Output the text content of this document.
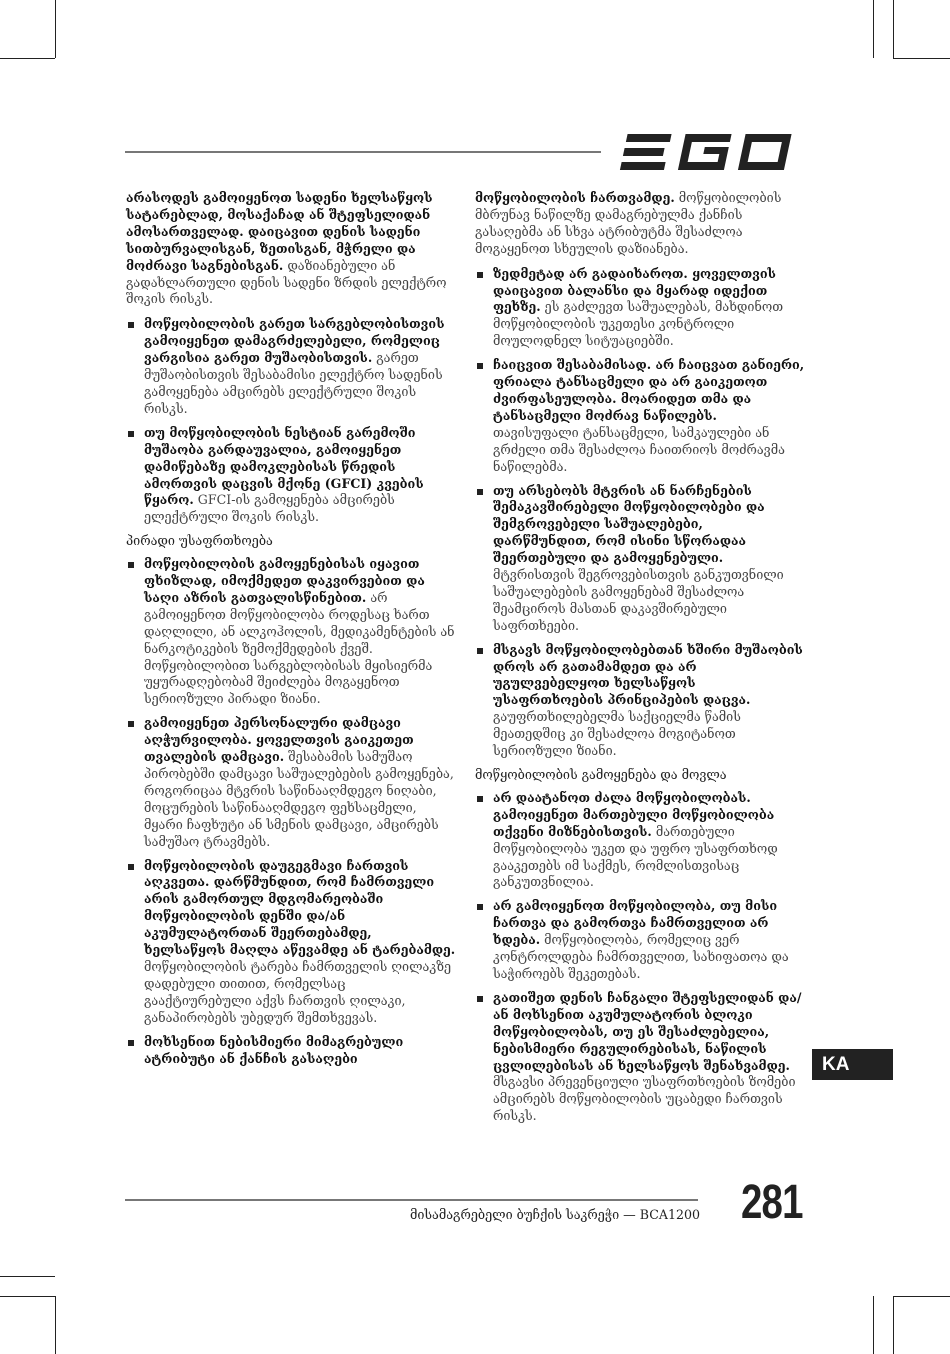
EGO

არასოდეს გამოიყენოთ სადენი ხელსაწყოს სატარებლად, მოსაქაჩად ან შტეფსელიდან ამოსართველად. დაიცავით დენის სადენი სითბურვალისგან, ზეთისგან, მჭრელი და მოძრავი საგნებისგან. დაზიანებული ან გადახლართული დენის სადენი ზრდის ელექტრო შოკის რისკს.

მოწყობილობის გარეთ სარგებლობისთვის გამოიყენეთ დამაგრძელებელი, რომელიც ვარგისია გარეთ მუშაობისთვის. გარეთ მუშაობისთვის შესაბამისი ელექტრო სადენის გამოყენება ამცირებს ელექტრული შოკის რისკს.
თუ მოწყობილობის ნესტიან გარემოში მუშაობა გარდაუვალია, გამოიყენეთ დამიწებაზე დამოკლებისას წრედის ამორთვის დაცვის მქონე (GFCI) კვების წყარო. GFCI-ის გამოყენება ამცირებს ელექტრული შოკის რისკს.
პირადი უსაფრთხოება
მოწყობილობის გამოყენებისას იყავით ფხიზლად, იმოქმედეთ დაკვირვებით და საღი აზრის გათვალისწინებით. არ გამოიყენოთ მოწყობილობა როდესაც ხართ დაღლილი, ან ალკოჰოლის, მედიკამენტების ან ნარკოტიკების ზემოქმედების ქვეშ. მოწყობილობით სარგებლობისას მყისიერმა უყურადღებობამ შეიძლება მოგაყენოთ სერიოზული პირადი ზიანი.
გამოიყენეთ პერსონალური დამცავი აღჭურვილობა. ყოველთვის გაიკეთეთ თვალების დამცავი. შესაბამის სამუშაო პირობებში დამცავი საშუალებების გამოყენება, როგორიცაა მტვრის საწინააღმდეგო ნიღაბი, მოცურების საწინააღმდეგო ფეხსაცმელი, მყარი ჩაფხუტი ან სმენის დამცავი, ამცირებს სამუშაო ტრავმებს.
მოწყობილობის დაუგეგმავი ჩართვის აღკვეთა. დარწმუნდით, რომ ჩამრთველი არის გამორთულ მდგომარეობაში მოწყობილობის დენში და/ან აკუმულატორთან შეერთებამდე, ხელსაწყოს მაღლა აწევამდე ან ტარებამდე. მოწყობილობის ტარება ჩამრთველის ღილაკზე დადებული თითით, რომელსაც გააქტიურებული აქვს ჩართვის ღილაკი, განაპირობებს უბედურ შემთხვევას.
მოხსენით ნებისმიერი მიმაგრებული ატრიბუტი ან ქანჩის გასაღები

მოწყობილობის ჩართვამდე. მოწყობილობის მბრუნავ ნაწილზე დამაგრებულმა ქანჩის გასაღებმა ან სხვა ატრიბუტმა შესაძლოა მოგაყენოთ სხეულის დაზიანება.

ზედმეტად არ გადაიხაროთ. ყოველთვის დაიცავით ბალანსი და მყარად იდექით ფეხზე. ეს გაძლევთ საშუალებას, მახდინოთ მოწყობილობის უკეთესი კონტროლი მოულოდნელ სიტუაციებში.
ჩაიცვით შესაბამისად. არ ჩაიცვათ განიერი, ფრიალა ტანსაცმელი და არ გაიკეთოთ ძვირფასეულობა. მოარიდეთ თმა და ტანსაცმელი მოძრავ ნაწილებს. თავისუფალი ტანსაცმელი, სამკაულები ან გრძელი თმა შესაძლოა ჩაითრიოს მოძრავმა ნაწილებმა.
თუ არსებობს მტვრის ან ნარჩენების შემაკავშირებელი მოწყობილობები და შემგროვებელი საშუალებები, დარწმუნდით, რომ ისინი სწორადაა შეერთებული და გამოყენებული. მტვრისთვის შეგროვებისთვის განკუთვნილი საშუალებების გამოყენებამ შესაძლოა შეამციროს მასთან დაკავშირებული საფრთხეები.
მსგავს მოწყობილობებთან ხშირი მუშაობის დროს არ გათამამდეთ და არ უგულვებელყოთ ხელსაწყოს უსაფრთხოების პრინციპების დაცვა. გაუფრთხილებელმა საქციელმა წამის მეათედშიც კი შესაძლოა მოგიტანოთ სერიოზული ზიანი.
მოწყობილობის გამოყენება და მოვლა
არ დაატანოთ ძალა მოწყობილობას. გამოიყენეთ მართებული მოწყობილობა თქვენი მიზნებისთვის. მართებული მოწყობილობა უკეთ და უფრო უსაფრთხოდ გააკეთებს იმ საქმეს, რომლისთვისაც განკუთვნილია.
არ გამოიყენოთ მოწყობილობა, თუ მისი ჩართვა და გამორთვა ჩამრთველით არ ხდება. მოწყობილობა, რომელიც ვერ კონტროლდება ჩამრთველით, სახიფათოა და საჭიროებს შეკეთებას.
გათიშეთ დენის ჩანგალი შტეფსელიდან და/ან მოხსენით აკუმულატორის ბლოკი მოწყობილობას, თუ ეს შესაძლებელია, ნებისმიერი რეგულირებისას, ნაწილის ცვლილებისას ან ხელსაწყოს შენახვამდე. მსგავსი პრევენციული უსაფრთხოების ზომები ამცირებს მოწყობილობის უცაბედი ჩართვის რისკს.
KA
მისამაგრებელი ბუჩქის საკრეჭი — BCA1200 281
